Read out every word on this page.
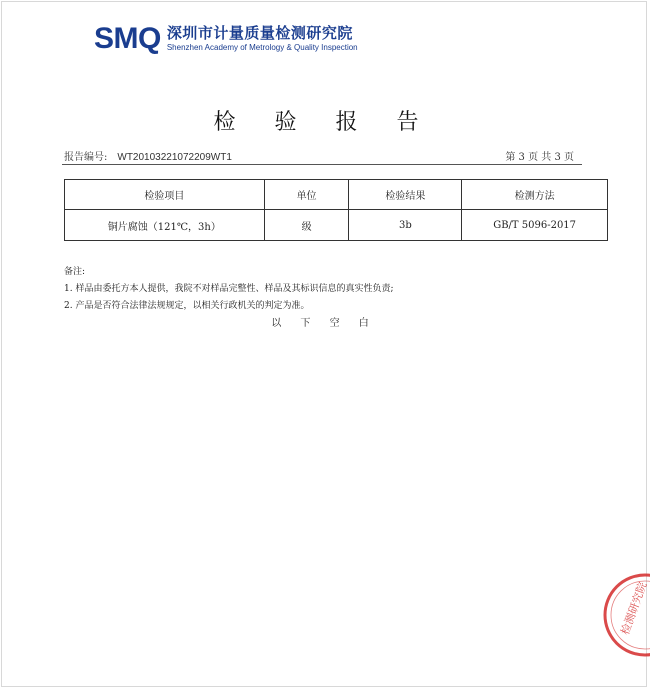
SMQ 深圳市计量质量检测研究院
Shenzhen Academy of Metrology & Quality Inspection
检 验 报 告
报告编号: WT20103221072209WT1	第 3 页 共 3 页
检验项目	单位	检验结果	检测方法
铜片腐蚀（121℃，3h）	级	3b	GB/T 5096-2017
备注:
1. 样品由委托方本人提供，我院不对样品完整性、样品及其标识信息的真实性负责;
2. 产品是否符合法律法规规定，以相关行政机关的判定为准。
以 下 空 白
检测研究院
